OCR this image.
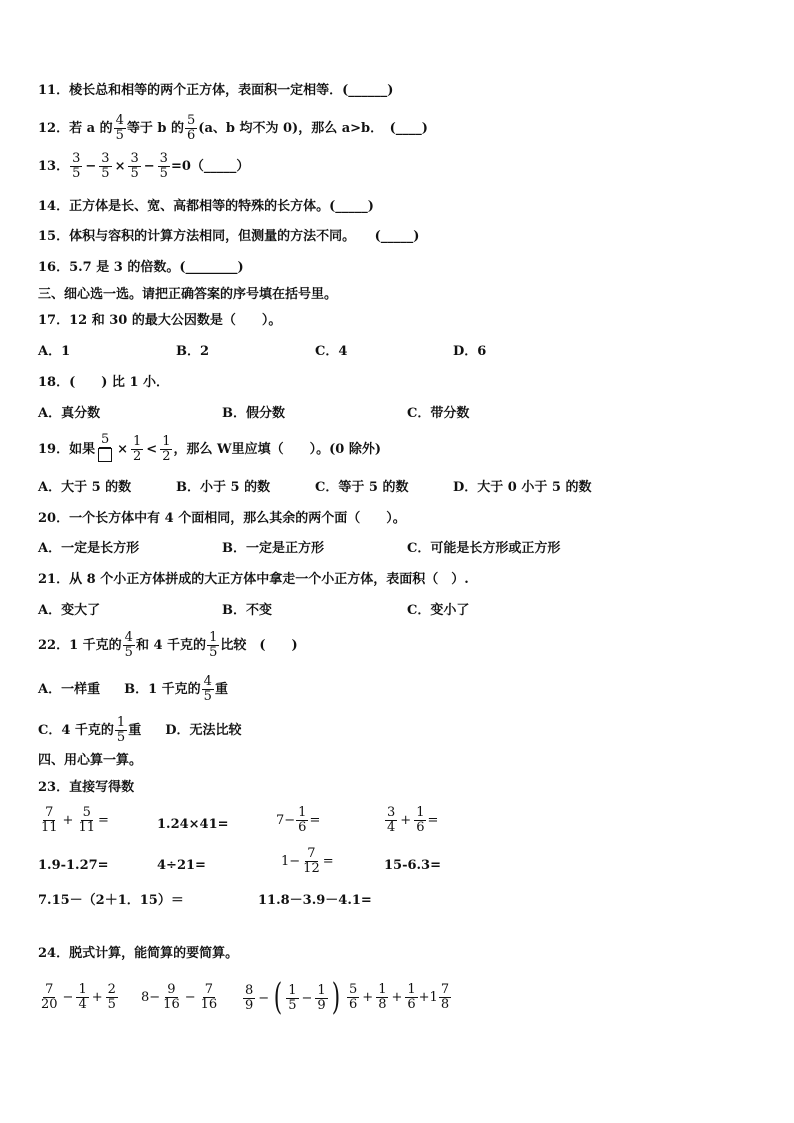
11．棱长总和相等的两个正方体，表面积一定相等．(______)
12．若 a 的 $\frac{4}{5}$ 等于 b 的 $\frac{5}{6} (a$、b 均不为 0)，那么 a>b．　(____)
13． $\frac{3}{5} - \frac{3}{5} \times \frac{3}{5} - \frac{3}{5}$ =0（_____）
14．正方体是长、宽、高都相等的特殊的长方体。(_____)
15．体积与容积的计算方法相同，但测量的方法不同。　　(_____)
16．5.7 是 3 的倍数。(________)
三、细心选一选。请把正确答案的序号填在括号里。
17．12 和 30 的最大公因数是（　　）。
A．1	B．2	C．4	D．6
18．(　　) 比 1 小．
A．真分数	B．假分数	C．带分数
19．如果
5
× $\frac{1}{2} < \frac{1}{2}$ ，那么 W里应填（　　）。(0 除外)
A．大于 5 的数	B．小于 5 的数	C．等于 5 的数	D．大于 0 小于 5 的数
20．一个长方体中有 4 个面相同，那么其余的两个面（　　）。
A．一定是长方形	B．一定是正方形	C．可能是长方形或正方形
21．从 8 个小正方体拼成的大正方体中拿走一个小正方体，表面积（　）.
A．变大了	B．不变	C．变小了
22．1 千克的 $\frac{4}{5}$ 和 4 千克的 $\frac{1}{5}$ 比较　(　　)
A．一样重 B．1 千克的 $\frac{4}{5}$ 重
C．4 千克的 $\frac{1}{5}$ 重 D．无法比较
四、用心算一算。
23．直接写得数
$\frac{7}{11} + \frac{5}{11}$ =	1.24×41=	$7- \frac{1}{6}$ =	$\frac{3}{4} + \frac{1}{6}$ =
1.9-1.27=	4÷21=	$1- \frac{7}{12}$ =	15-6.3=
7.15－（2＋1．15）＝	11.8－3.9－4.1=
24．脱式计算，能简算的要简算。
$\frac{7}{20} - \frac{1}{4} + \frac{2}{5} 8- \frac{9}{16} - \frac{7}{16} \frac{8}{9}$ − ( $\frac{1}{5} - \frac{1}{9}$ ) $\frac{5}{6} + \frac{1}{8} + \frac{1}{6} +1 \frac{7}{8}$
